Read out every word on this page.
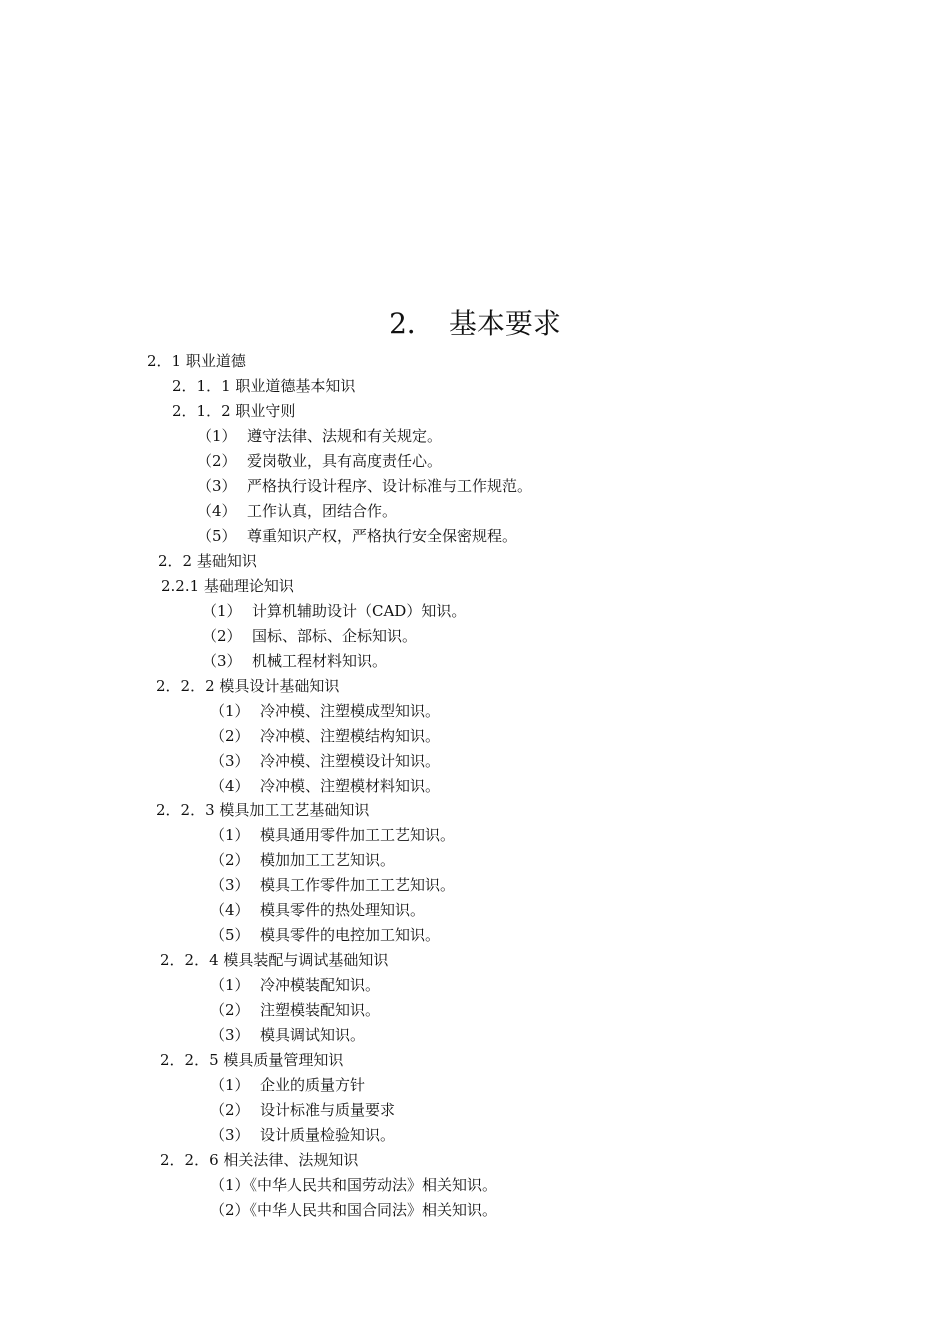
2．　基本要求
2．1 职业道德
2．1．1 职业道德基本知识
2．1．2 职业守则
（1） 遵守法律、法规和有关规定。
（2） 爱岗敬业，具有高度责任心。
（3） 严格执行设计程序、设计标准与工作规范。
（4） 工作认真，团结合作。
（5） 尊重知识产权，严格执行安全保密规程。
2．2 基础知识
2.2.1 基础理论知识
（1） 计算机辅助设计（CAD）知识。
（2） 国标、部标、企标知识。
（3） 机械工程材料知识。
2．2．2 模具设计基础知识
（1） 冷冲模、注塑模成型知识。
（2） 冷冲模、注塑模结构知识。
（3） 冷冲模、注塑模设计知识。
（4） 冷冲模、注塑模材料知识。
2．2．3 模具加工工艺基础知识
（1） 模具通用零件加工工艺知识。
（2） 模加加工工艺知识。
（3） 模具工作零件加工工艺知识。
（4） 模具零件的热处理知识。
（5） 模具零件的电控加工知识。
2．2．4 模具装配与调试基础知识
（1） 冷冲模装配知识。
（2） 注塑模装配知识。
（3） 模具调试知识。
2．2．5 模具质量管理知识
（1） 企业的质量方针
（2） 设计标准与质量要求
（3） 设计质量检验知识。
2．2．6 相关法律、法规知识
（1）《中华人民共和国劳动法》相关知识。
（2）《中华人民共和国合同法》相关知识。
